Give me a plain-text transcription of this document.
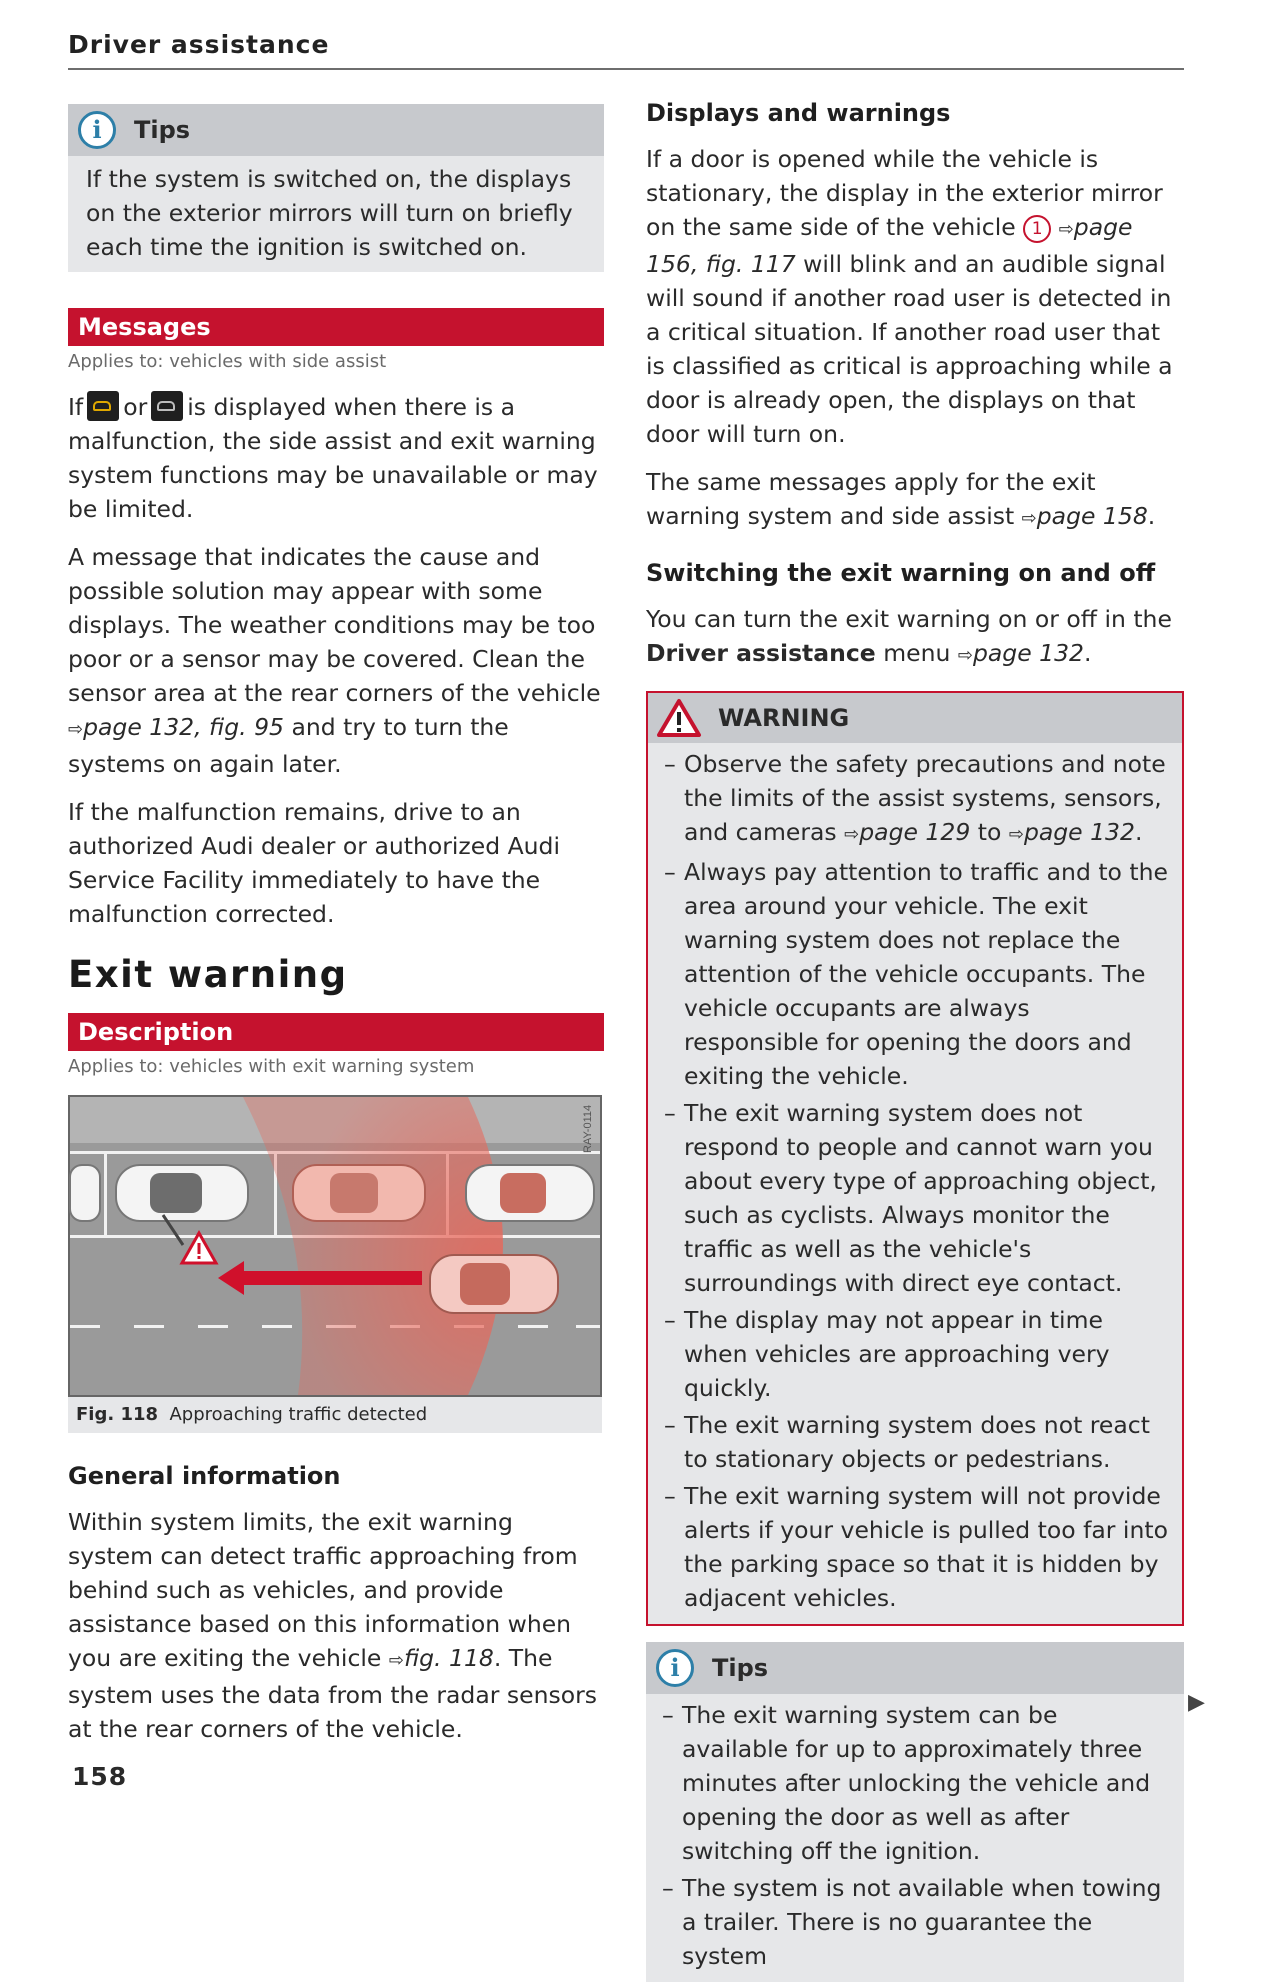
Driver assistance
i	Tips
If the system is switched on, the displays on the exterior mirrors will turn on briefly each time the ignition is switched on.
Messages
Applies to: vehicles with side assist

If or is displayed when there is a malfunction, the side assist and exit warning system functions may be unavailable or may be limited.

A message that indicates the cause and possible solution may appear with some displays. The weather conditions may be too poor or a sensor may be covered. Clean the sensor area at the rear corners of the vehicle ⇨page 132, fig. 95 and try to turn the systems on again later.

If the malfunction remains, drive to an authorized Audi dealer or authorized Audi Service Facility immediately to have the malfunction corrected.

Exit warning
Description
Applies to: vehicles with exit warning system
RAY-0114
Fig. 118 Approaching traffic detected
General information

Within system limits, the exit warning system can detect traffic approaching from behind such as vehicles, and provide assistance based on this information when you are exiting the vehicle ⇨fig. 118. The system uses the data from the radar sensors at the rear corners of the vehicle.

Displays and warnings

If a door is opened while the vehicle is stationary, the display in the exterior mirror on the same side of the vehicle 1 ⇨page 156, fig. 117 will blink and an audible signal will sound if another road user is detected in a critical situation. If another road user that is classified as critical is approaching while a door is already open, the displays on that door will turn on.

The same messages apply for the exit warning system and side assist ⇨page 158.

Switching the exit warning on and off

You can turn the exit warning on or off in the Driver assistance menu ⇨page 132.

WARNING
– Observe the safety precautions and note the limits of the assist systems, sensors, and cameras ⇨page 129 to ⇨page 132.
– Always pay attention to traffic and to the area around your vehicle. The exit warning system does not replace the attention of the vehicle occupants. The vehicle occupants are always responsible for opening the doors and exiting the vehicle.
– The exit warning system does not respond to people and cannot warn you about every type of approaching object, such as cyclists. Always monitor the traffic as well as the vehicle's surroundings with direct eye contact.
– The display may not appear in time when vehicles are approaching very quickly.
– The exit warning system does not react to stationary objects or pedestrians.
– The exit warning system will not provide alerts if your vehicle is pulled too far into the parking space so that it is hidden by adjacent vehicles.
i	Tips
– The exit warning system can be available for up to approximately three minutes after unlocking the vehicle and opening the door as well as after switching off the ignition.
– The system is not available when towing a trailer. There is no guarantee the system
▶
158
